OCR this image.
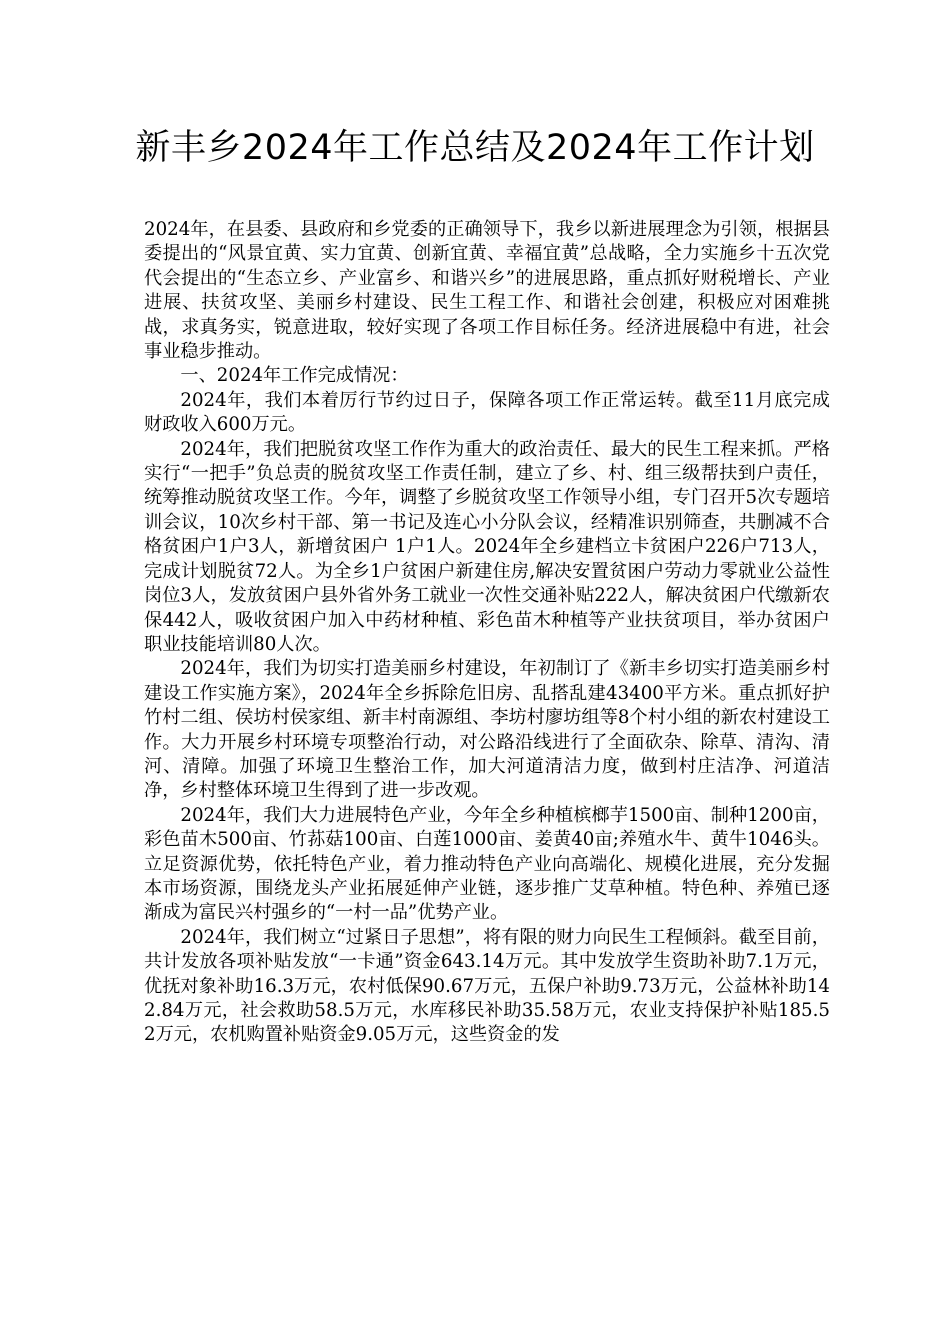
新丰乡2024年工作总结及2024年工作计划

2024年，在县委、县政府和乡党委的正确领导下，我乡以新进展理念为引领，根据县委提出的“风景宜黄、实力宜黄、创新宜黄、幸福宜黄”总战略，全力实施乡十五次党代会提出的“生态立乡、产业富乡、和谐兴乡”的进展思路，重点抓好财税增长、产业进展、扶贫攻坚、美丽乡村建设、民生工程工作、和谐社会创建，积极应对困难挑战，求真务实，锐意进取，较好实现了各项工作目标任务。经济进展稳中有进，社会事业稳步推动。

一、2024年工作完成情况：

2024年，我们本着厉行节约过日子，保障各项工作正常运转。截至11月底完成财政收入600万元。

2024年，我们把脱贫攻坚工作作为重大的政治责任、最大的民生工程来抓。严格实行“一把手”负总责的脱贫攻坚工作责任制，建立了乡、村、组三级帮扶到户责任，统筹推动脱贫攻坚工作。今年，调整了乡脱贫攻坚工作领导小组，专门召开5次专题培训会议，10次乡村干部、第一书记及连心小分队会议，经精准识别筛查，共删减不合格贫困户1户3人，新增贫困户 1户1人。2024年全乡建档立卡贫困户226户713人，完成计划脱贫72人。为全乡1户贫困户新建住房,解决安置贫困户劳动力零就业公益性岗位3人，发放贫困户县外省外务工就业一次性交通补贴222人，解决贫困户代缴新农保442人，吸收贫困户加入中药材种植、彩色苗木种植等产业扶贫项目，举办贫困户职业技能培训80人次。

2024年，我们为切实打造美丽乡村建设，年初制订了《新丰乡切实打造美丽乡村建设工作实施方案》，2024年全乡拆除危旧房、乱搭乱建43400平方米。重点抓好护竹村二组、侯坊村侯家组、新丰村南源组、李坊村廖坊组等8个村小组的新农村建设工作。大力开展乡村环境专项整治行动，对公路沿线进行了全面砍杂、除草、清沟、清河、清障。加强了环境卫生整治工作，加大河道清洁力度，做到村庄洁净、河道洁净，乡村整体环境卫生得到了进一步改观。

2024年，我们大力进展特色产业，今年全乡种植槟榔芋1500亩、制种1200亩，彩色苗木500亩、竹荪菇100亩、白莲1000亩、姜黄40亩;养殖水牛、黄牛1046头。立足资源优势，依托特色产业，着力推动特色产业向高端化、规模化进展，充分发掘本市场资源，围绕龙头产业拓展延伸产业链，逐步推广艾草种植。特色种、养殖已逐渐成为富民兴村强乡的“一村一品”优势产业。

2024年，我们树立“过紧日子思想”，将有限的财力向民生工程倾斜。截至目前，共计发放各项补贴发放“一卡通”资金643.14万元。其中发放学生资助补助7.1万元，优抚对象补助16.3万元，农村低保90.67万元，五保户补助9.73万元，公益林补助142.84万元，社会救助58.5万元，水库移民补助35.58万元，农业支持保护补贴185.52万元，农机购置补贴资金9.05万元，这些资金的发
